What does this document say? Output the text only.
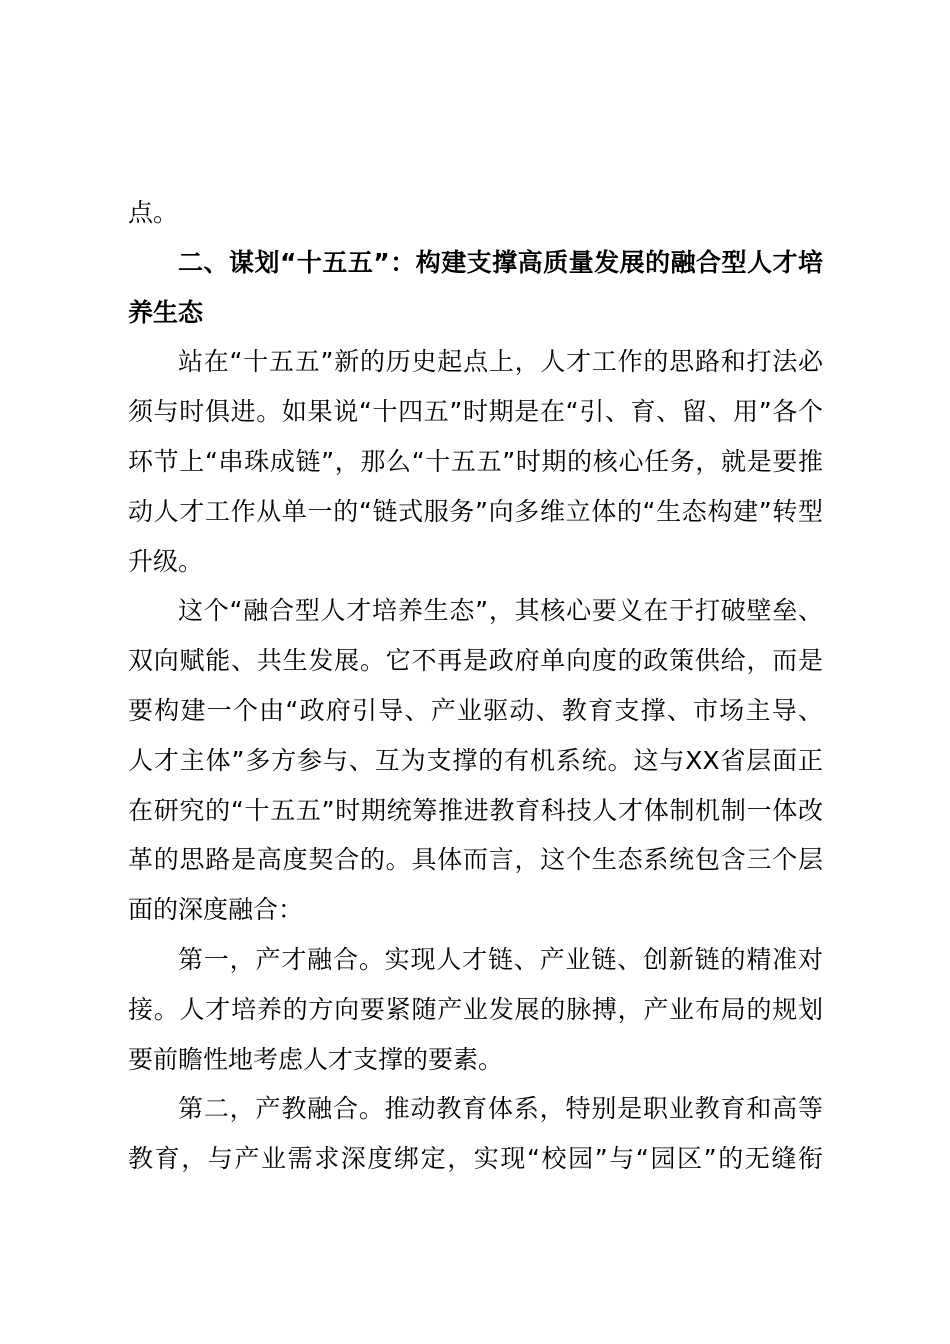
点。
二、谋划“十五五”：构建支撑高质量发展的融合型人才培
养生态
站在“十五五”新的历史起点上，人才工作的思路和打法必
须与时俱进。如果说“十四五”时期是在“引、育、留、用”各个
环节上“串珠成链”，那么“十五五”时期的核心任务，就是要推
动人才工作从单一的“链式服务”向多维立体的“生态构建”转型
升级。
这个“融合型人才培养生态”，其核心要义在于打破壁垒、
双向赋能、共生发展。它不再是政府单向度的政策供给，而是
要构建一个由“政府引导、产业驱动、教育支撑、市场主导、
人才主体”多方参与、互为支撑的有机系统。这与XX省层面正
在研究的“十五五”时期统筹推进教育科技人才体制机制一体改
革的思路是高度契合的。具体而言，这个生态系统包含三个层
面的深度融合：
第一，产才融合。实现人才链、产业链、创新链的精准对
接。人才培养的方向要紧随产业发展的脉搏，产业布局的规划
要前瞻性地考虑人才支撑的要素。
第二，产教融合。推动教育体系，特别是职业教育和高等
教育，与产业需求深度绑定，实现“校园”与“园区”的无缝衔
